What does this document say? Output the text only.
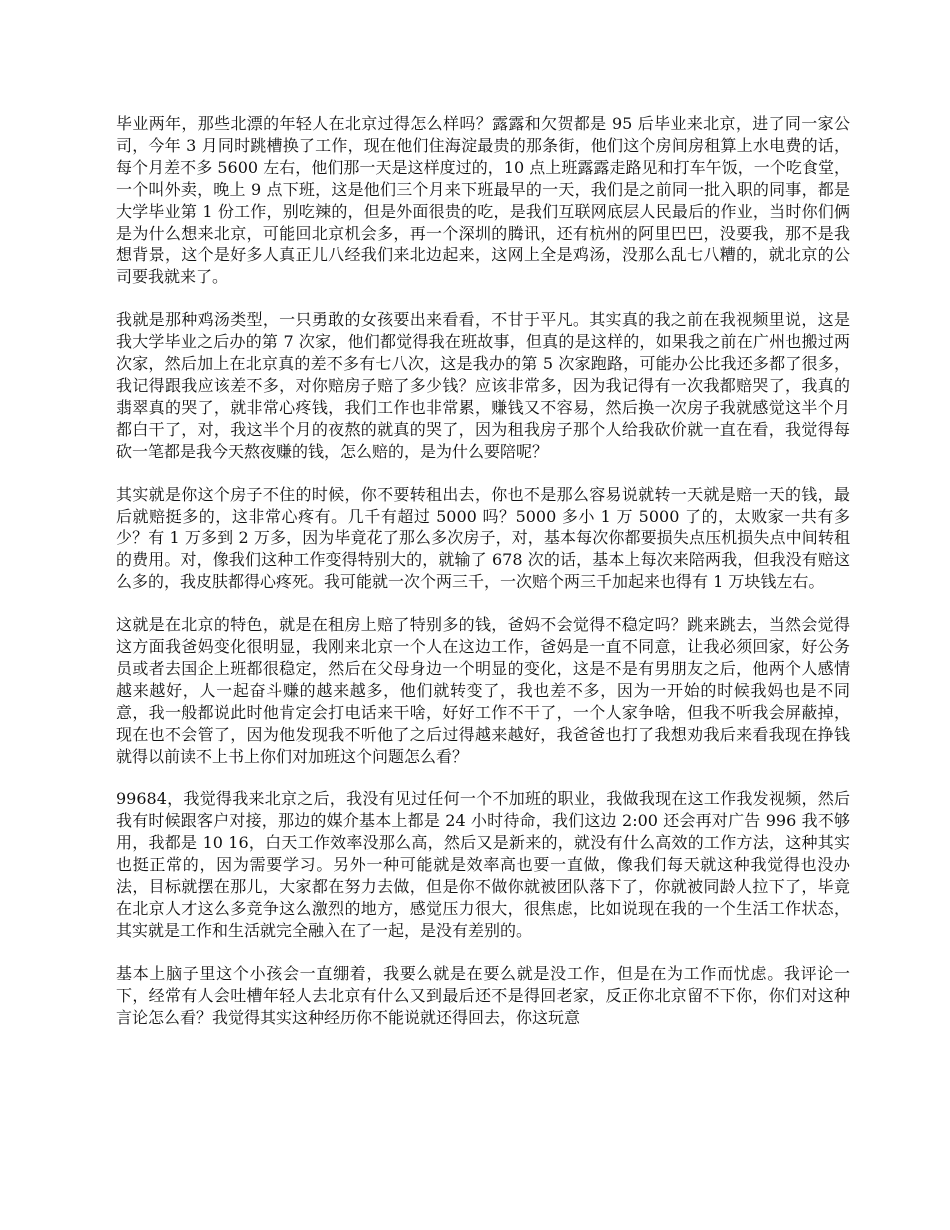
毕业两年，那些北漂的年轻人在北京过得怎么样吗？露露和欠贺都是 95 后毕业来北京，进了同一家公司，今年 3 月同时跳槽换了工作，现在他们住海淀最贵的那条街，他们这个房间房租算上水电费的话，每个月差不多 5600 左右，他们那一天是这样度过的，10 点上班露露走路见和打车午饭，一个吃食堂，一个叫外卖，晚上 9 点下班，这是他们三个月来下班最早的一天，我们是之前同一批入职的同事，都是大学毕业第 1 份工作，别吃辣的，但是外面很贵的吃，是我们互联网底层人民最后的作业，当时你们俩是为什么想来北京，可能回北京机会多，再一个深圳的腾讯，还有杭州的阿里巴巴，没要我，那不是我想背景，这个是好多人真正儿八经我们来北边起来，这网上全是鸡汤，没那么乱七八糟的，就北京的公司要我就来了。

我就是那种鸡汤类型，一只勇敢的女孩要出来看看，不甘于平凡。其实真的我之前在我视频里说，这是我大学毕业之后办的第 7 次家，他们都觉得我在班故事，但真的是这样的，如果我之前在广州也搬过两次家，然后加上在北京真的差不多有七八次，这是我办的第 5 次家跑路，可能办公比我还多都了很多，我记得跟我应该差不多，对你赔房子赔了多少钱？应该非常多，因为我记得有一次我都赔哭了，我真的翡翠真的哭了，就非常心疼钱，我们工作也非常累，赚钱又不容易，然后换一次房子我就感觉这半个月都白干了，对，我这半个月的夜熬的就真的哭了，因为租我房子那个人给我砍价就一直在看，我觉得每砍一笔都是我今天熬夜赚的钱，怎么赔的，是为什么要陪呢？

其实就是你这个房子不住的时候，你不要转租出去，你也不是那么容易说就转一天就是赔一天的钱，最后就赔挺多的，这非常心疼有。几千有超过 5000 吗？5000 多小 1 万 5000 了的，太败家一共有多少？有 1 万多到 2 万多，因为毕竟花了那么多次房子，对，基本每次你都要损失点压机损失点中间转租的费用。对，像我们这种工作变得特别大的，就输了 678 次的话，基本上每次来陪两我，但我没有赔这么多的，我皮肤都得心疼死。我可能就一次个两三千，一次赔个两三千加起来也得有 1 万块钱左右。

这就是在北京的特色，就是在租房上赔了特别多的钱，爸妈不会觉得不稳定吗？跳来跳去，当然会觉得这方面我爸妈变化很明显，我刚来北京一个人在这边工作，爸妈是一直不同意，让我必须回家，好公务员或者去国企上班都很稳定，然后在父母身边一个明显的变化，这是不是有男朋友之后，他两个人感情越来越好，人一起奋斗赚的越来越多，他们就转变了，我也差不多，因为一开始的时候我妈也是不同意，我一般都说此时他肯定会打电话来干啥，好好工作不干了，一个人家争啥，但我不听我会屏蔽掉，现在也不会管了，因为他发现我不听他了之后过得越来越好，我爸爸也打了我想劝我后来看我现在挣钱就得以前读不上书上你们对加班这个问题怎么看？

99684，我觉得我来北京之后，我没有见过任何一个不加班的职业，我做我现在这工作我发视频，然后我有时候跟客户对接，那边的媒介基本上都是 24 小时待命，我们这边 2:00 还会再对广告 996 我不够用，我都是 10 16，白天工作效率没那么高，然后又是新来的，就没有什么高效的工作方法，这种其实也挺正常的，因为需要学习。另外一种可能就是效率高也要一直做，像我们每天就这种我觉得也没办法，目标就摆在那儿，大家都在努力去做，但是你不做你就被团队落下了，你就被同龄人拉下了，毕竟在北京人才这么多竞争这么激烈的地方，感觉压力很大，很焦虑，比如说现在我的一个生活工作状态，其实就是工作和生活就完全融入在了一起，是没有差别的。

基本上脑子里这个小孩会一直绷着，我要么就是在要么就是没工作，但是在为工作而忧虑。我评论一下，经常有人会吐槽年轻人去北京有什么又到最后还不是得回老家，反正你北京留不下你，你们对这种言论怎么看？我觉得其实这种经历你不能说就还得回去，你这玩意
